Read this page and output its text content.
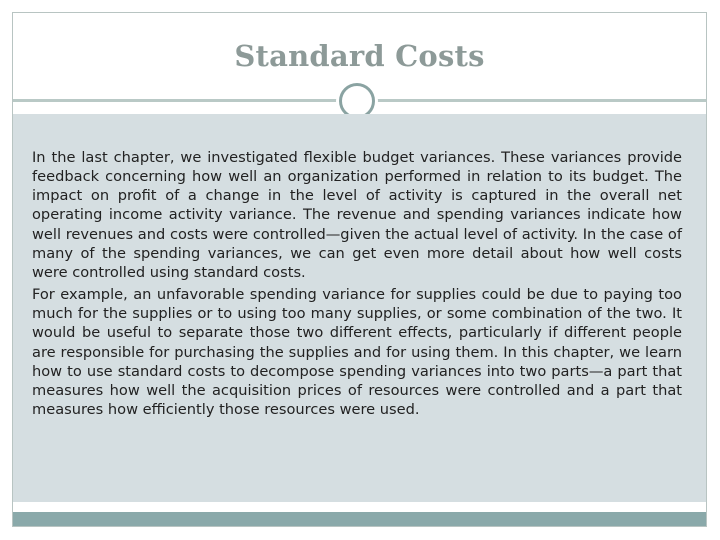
Standard Costs

In the last chapter, we investigated flexible budget variances. These variances provide feedback concerning how well an organization performed in relation to its budget. The impact on profit of a change in the level of activity is captured in the overall net operating income activity variance. The revenue and spending variances indicate how well revenues and costs were controlled—given the actual level of activity. In the case of many of the spending variances, we can get even more detail about how well costs were controlled using standard costs.

For example, an unfavorable spending variance for supplies could be due to paying too much for the supplies or to using too many supplies, or some combination of the two. It would be useful to separate those two different effects, particularly if different people are responsible for purchasing the supplies and for using them. In this chapter, we learn how to use standard costs to decompose spending variances into two parts—a part that measures how well the acquisition prices of resources were controlled and a part that measures how efficiently those resources were used.
